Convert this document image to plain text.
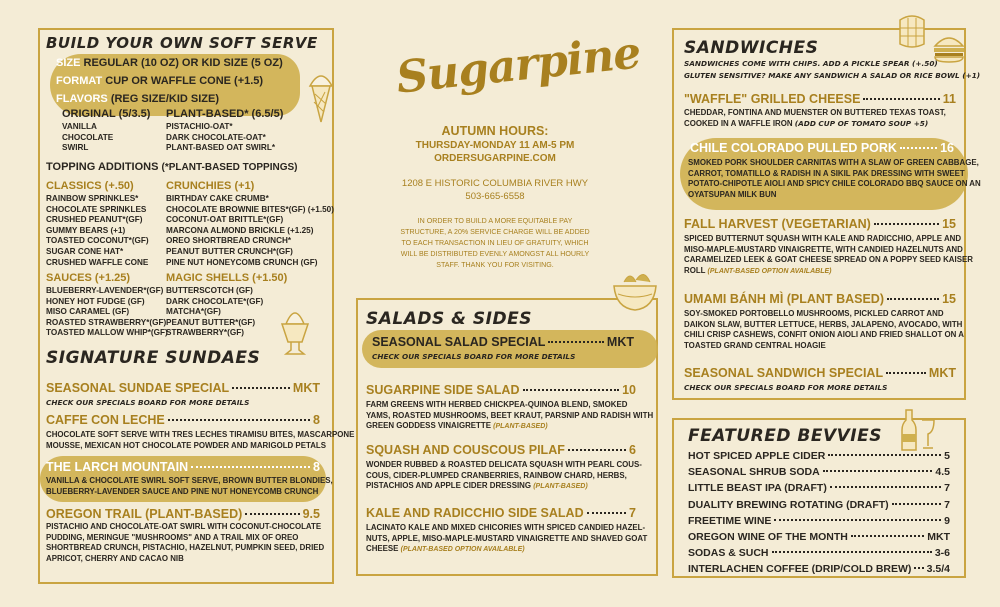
BUILD YOUR OWN SOFT SERVE
SIZE REGULAR (10 OZ) OR KID SIZE (5 OZ)
FORMAT CUP OR WAFFLE CONE (+1.5)
FLAVORS (REG SIZE/KID SIZE)
ORIGINAL (5/3.5) PLANT-BASED* (6.5/5)
VANILLA
CHOCOLATE
SWIRL
PISTACHIO-OAT*
DARK CHOCOLATE-OAT*
PLANT-BASED OAT SWIRL*
TOPPING ADDITIONS (*PLANT-BASED TOPPINGS)
CLASSICS (+.50)
RAINBOW SPRINKLES*
CHOCOLATE SPRINKLES
CRUSHED PEANUT*(GF)
GUMMY BEARS (+1)
TOASTED COCONUT*(GF)
SUGAR CONE HAT*
CRUSHED WAFFLE CONE
CRUNCHIES (+1)
BIRTHDAY CAKE CRUMB*
CHOCOLATE BROWNIE BITES*(GF) (+1.50)
COCONUT-OAT BRITTLE*(GF)
MARCONA ALMOND BRICKLE (+1.25)
OREO SHORTBREAD CRUNCH*
PEANUT BUTTER CRUNCH*(GF)
PINE NUT HONEYCOMB CRUNCH (GF)
SAUCES (+1.25)
BLUEBERRY-LAVENDER*(GF)
HONEY HOT FUDGE (GF)
MISO CARAMEL (GF)
ROASTED STRAWBERRY*(GF)
TOASTED MALLOW WHIP*(GF)
MAGIC SHELLS (+1.50)
BUTTERSCOTCH (GF)
DARK CHOCOLATE*(GF)
MATCHA*(GF)
PEANUT BUTTER*(GF)
STRAWBERRY*(GF)
SIGNATURE SUNDAES
SEASONAL SUNDAE SPECIAL	MKT
CHECK OUR SPECIALS BOARD FOR MORE DETAILS
CAFFE CON LECHE	8
CHOCOLATE SOFT SERVE WITH TRES LECHES TIRAMISU BITES, MASCARPONE
MOUSSE, MEXICAN HOT CHOCOLATE POWDER AND MARIGOLD PETALS
THE LARCH MOUNTAIN	8
VANILLA & CHOCOLATE SWIRL SOFT SERVE, BROWN BUTTER BLONDIES,
BLUEBERRY-LAVENDER SAUCE AND PINE NUT HONEYCOMB CRUNCH
OREGON TRAIL (PLANT-BASED)	9.5
PISTACHIO AND CHOCOLATE-OAT SWIRL WITH COCONUT-CHOCOLATE
PUDDING, MERINGUE "MUSHROOMS" AND A TRAIL MIX OF OREO
SHORTBREAD CRUNCH, PISTACHIO, HAZELNUT, PUMPKIN SEED, DRIED
APRICOT, CHERRY AND CACAO NIB
Sugarpine
AUTUMN HOURS:
THURSDAY-MONDAY 11 AM-5 PM
ORDERSUGARPINE.COM
1208 E HISTORIC COLUMBIA RIVER HWY
503-665-6558
IN ORDER TO BUILD A MORE EQUITABLE PAY
STRUCTURE, A 20% SERVICE CHARGE WILL BE ADDED
TO EACH TRANSACTION IN LIEU OF GRATUITY, WHICH
WILL BE DISTRIBUTED EVENLY AMONGST ALL HOURLY
STAFF. THANK YOU FOR VISITING.
SALADS & SIDES
SEASONAL SALAD SPECIAL	MKT
CHECK OUR SPECIALS BOARD FOR MORE DETAILS
SUGARPINE SIDE SALAD	10
FARM GREENS WITH HERBED CHICKPEA-QUINOA BLEND, SMOKED
YAMS, ROASTED MUSHROOMS, BEET KRAUT, PARSNIP AND RADISH WITH
GREEN GODDESS VINAIGRETTE (PLANT-BASED)
SQUASH AND COUSCOUS PILAF	6
WONDER RUBBED & ROASTED DELICATA SQUASH WITH PEARL COUS-
COUS, CIDER-PLUMPED CRANBERRIES, RAINBOW CHARD, HERBS,
PISTACHIOS AND APPLE CIDER DRESSING (PLANT-BASED)
KALE AND RADICCHIO SIDE SALAD	7
LACINATO KALE AND MIXED CHICORIES WITH SPICED CANDIED HAZEL-
NUTS, APPLE, MISO-MAPLE-MUSTARD VINAIGRETTE AND SHAVED GOAT
CHEESE (PLANT-BASED OPTION AVAILABLE)
SANDWICHES
SANDWICHES COME WITH CHIPS. ADD A PICKLE SPEAR (+.50)
GLUTEN SENSITIVE? MAKE ANY SANDWICH A SALAD OR RICE BOWL (+1)
"WAFFLE" GRILLED CHEESE	11
CHEDDAR, FONTINA AND MUENSTER ON BUTTERED TEXAS TOAST,
COOKED IN A WAFFLE IRON (ADD CUP OF TOMATO SOUP +5)
CHILE COLORADO PULLED PORK	16
SMOKED PORK SHOULDER CARNITAS WITH A SLAW OF GREEN CABBAGE,
CARROT, TOMATILLO & RADISH IN A SIKIL PAK DRESSING WITH SWEET
POTATO-CHIPOTLE AIOLI AND SPICY CHILE COLORADO BBQ SAUCE ON AN
OYATSUPAN MILK BUN
FALL HARVEST (VEGETARIAN)	15
SPICED BUTTERNUT SQUASH WITH KALE AND RADICCHIO, APPLE AND
MISO-MAPLE-MUSTARD VINAIGRETTE, WITH CANDIED HAZELNUTS AND
CARAMELIZED LEEK & GOAT CHEESE SPREAD ON A POPPY SEED KAISER
ROLL (PLANT-BASED OPTION AVAILABLE)
UMAMI BÁNH MÌ (PLANT BASED)	15
SOY-SMOKED PORTOBELLO MUSHROOMS, PICKLED CARROT AND
DAIKON SLAW, BUTTER LETTUCE, HERBS, JALAPENO, AVOCADO, WITH
CHILI CRISP CASHEWS, CONFIT ONION AIOLI AND FRIED SHALLOT ON A
TOASTED GRAND CENTRAL HOAGIE
SEASONAL SANDWICH SPECIAL	MKT
CHECK OUR SPECIALS BOARD FOR MORE DETAILS
FEATURED BEVVIES
HOT SPICED APPLE CIDER	5
SEASONAL SHRUB SODA	4.5
LITTLE BEAST IPA (DRAFT)	7
DUALITY BREWING ROTATING (DRAFT)	7
FREETIME WINE	9
OREGON WINE OF THE MONTH	MKT
SODAS & SUCH	3-6
INTERLACHEN COFFEE (DRIP/COLD BREW) 3.5/4
